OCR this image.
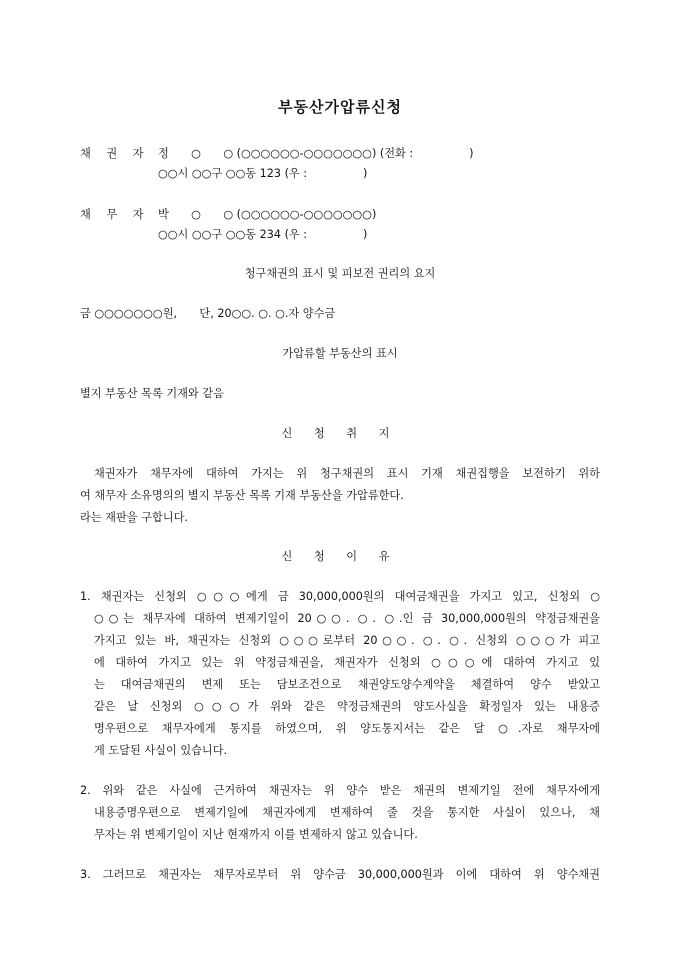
부동산가압류신청
채 권 자 정　　○　　○ (○○○○○○-○○○○○○○) (전화 :　　　　　)
○○시 ○○구 ○○동 123 (우 :　　　　　)
채 무 자 박　　○　　○ (○○○○○○-○○○○○○○)
○○시 ○○구 ○○동 234 (우 :　　　　　)
청구채권의 표시 및 피보전 권리의 요지
금 ○○○○○○○원,　　단, 20○○. ○. ○.자 양수금
가압류할 부동산의 표시
별지 부동산 목록 기재와 같음
신 청 취 지
채권자가 채무자에 대하여 가지는 위 청구채권의 표시 기재 채권집행을 보전하기 위하
여 채무자 소유명의의 별지 부동산 목록 기재 부동산을 가압류한다.
라는 재판을 구합니다.
신 청 이 유
1. 채권자는 신청외 ○○○에게 금 30,000,000원의 대여금채권을 가지고 있고, 신청외 ○
○○는 채무자에 대하여 변제기일이 20○○. ○. ○.인 금 30,000,000원의 약정금채권을
가지고 있는 바, 채권자는 신청외 ○○○로부터 20○○. ○. ○. 신청외 ○○○가 피고
에 대하여 가지고 있는 위 약정금채권을, 채권자가 신청외 ○○○에 대하여 가지고 있
는 대여금채권의 변제 또는 담보조건으로 채권양도양수계약을 체결하여 양수 받았고
같은 날 신청외 ○○○가 위와 같은 약정금채권의 양도사실을 확정일자 있는 내용증
명우편으로 채무자에게 통지를 하였으며, 위 양도통지서는 같은 달 ○.자로 채무자에
게 도달된 사실이 있습니다.
2. 위와 같은 사실에 근거하여 채권자는 위 양수 받은 채권의 변제기일 전에 채무자에게
내용증명우편으로 변제기일에 채권자에게 변제하여 줄 것을 통지한 사실이 있으나, 채
무자는 위 변제기일이 지난 현재까지 이를 변제하지 않고 있습니다.
3. 그러므로 채권자는 채무자로부터 위 양수금 30,000,000원과 이에 대하여 위 양수채권
